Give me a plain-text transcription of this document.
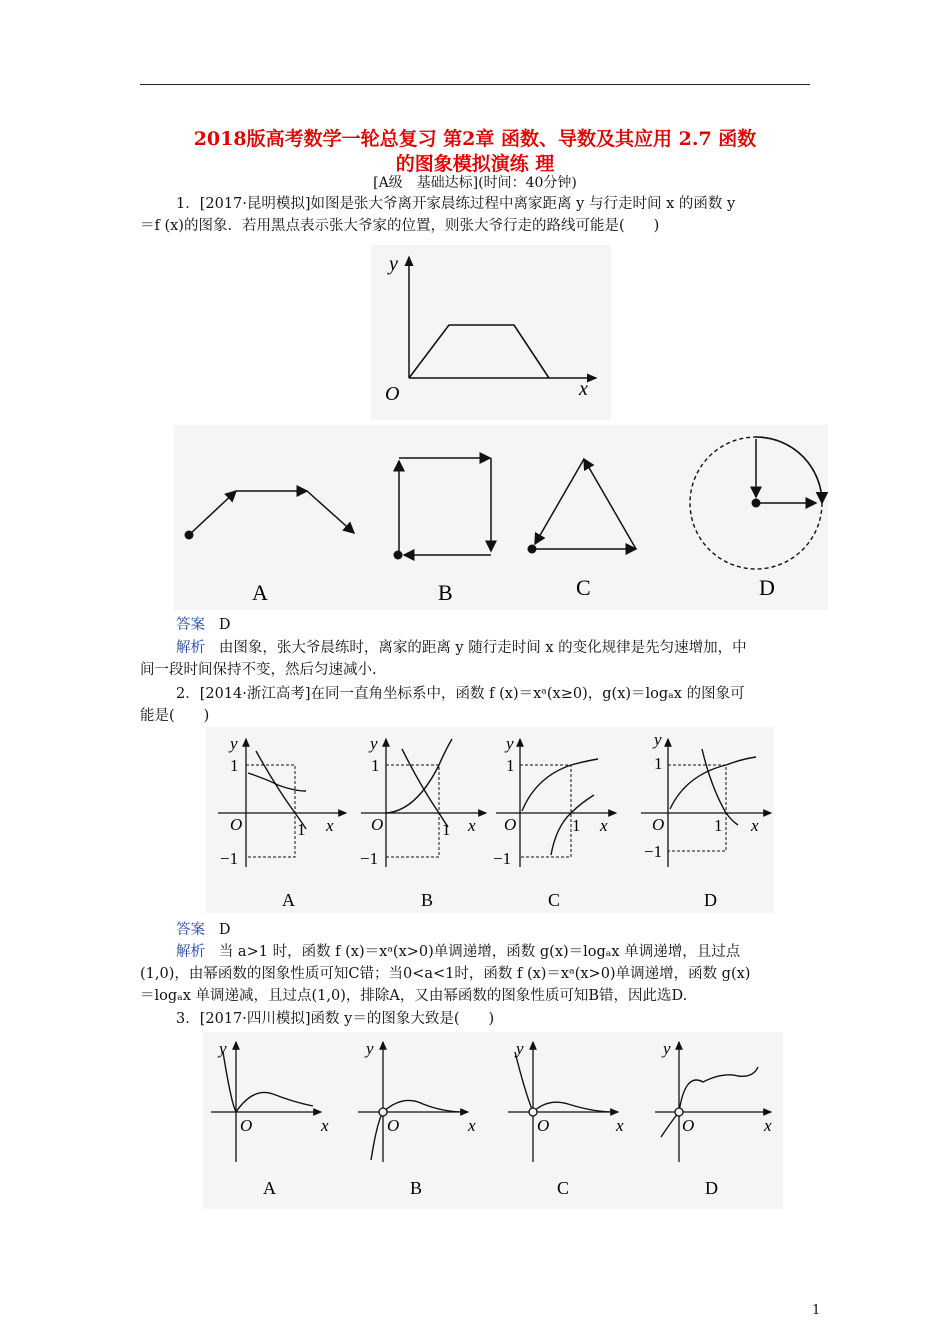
2018版高考数学一轮总复习 第2章 函数、导数及其应用 2.7 函数
的图象模拟演练 理
[A级　基础达标](时间：40分钟)
1．[2017·昆明模拟]如图是张大爷离开家晨练过程中离家距离 y 与行走时间 x 的函数 y
＝f (x)的图象．若用黑点表示张大爷家的位置，则张大爷行走的路线可能是(　　)
y
x
O
A	B	C	D
答案 D
解析 由图象，张大爷晨练时，离家的距离 y 随行走时间 x 的变化规律是先匀速增加，中
间一段时间保持不变，然后匀速减小.
2．[2014·浙江高考]在同一直角坐标系中，函数 f (x)＝xᵃ(x≥0)，g(x)＝logₐx 的图象可
能是(　　)
y
1
O	1 x
−1
y
1
O	1 x
−1
y
1
O	1 x
−1
y
1
O	1 x
−1
A	B	C	D
答案 D
解析 当 a>1 时，函数 f (x)＝xᵃ(x>0)单调递增，函数 g(x)＝logₐx 单调递增，且过点
(1,0)，由幂函数的图象性质可知C错；当0<a<1时，函数 f (x)＝xᵃ(x>0)单调递增，函数 g(x)
＝logₐx 单调递减，且过点(1,0)，排除A，又由幂函数的图象性质可知B错，因此选D.
3．[2017·四川模拟]函数 y＝的图象大致是(　　)
y
O	x
y
O	x
y
O	x
y
O	x
A	B	C	D
1
